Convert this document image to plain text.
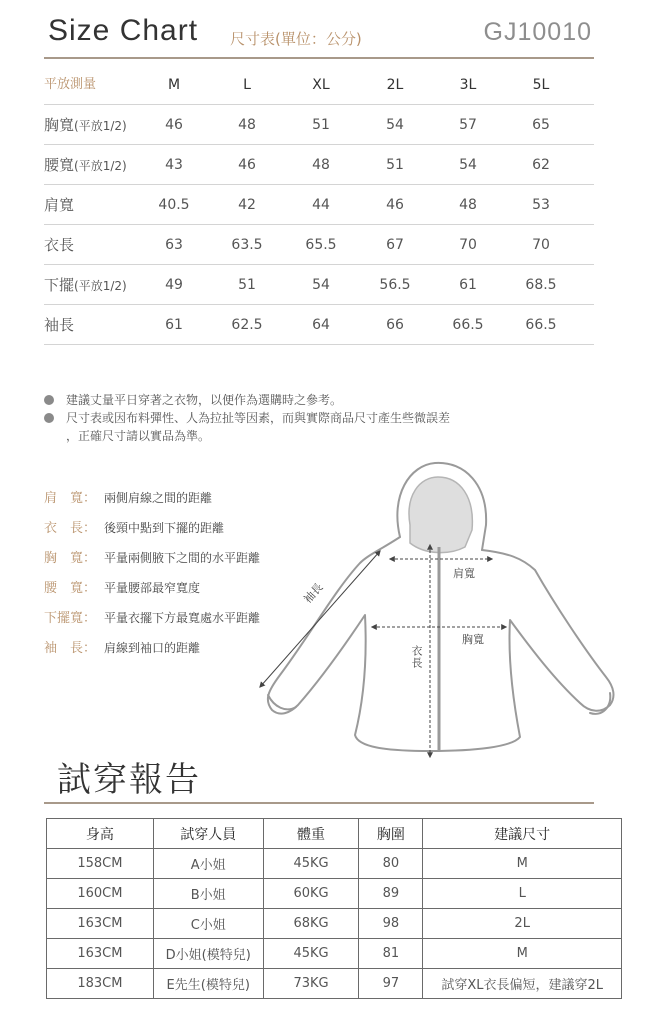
Size Chart 尺寸表(單位：公分)	GJ10010
平放測量	M	L	XL	2L	3L	5L
胸寬(平放1/2)	46	48	51	54	57	65
腰寬(平放1/2)	43	46	48	51	54	62
肩寬	40.5	42	44	46	48	53
衣長	63	63.5	65.5	67	70	70
下擺(平放1/2)	49	51	54	56.5	61	68.5
袖長	61	62.5	64	66	66.5	66.5
建議丈量平日穿著之衣物，以便作為選購時之參考。
尺寸表或因布料彈性、人為拉扯等因素，而與實際商品尺寸產生些微誤差
，正確尺寸請以實品為準。
肩　寬： 兩側肩線之間的距離
衣　長： 後頸中點到下擺的距離
胸　寬： 平量兩側腋下之間的水平距離
腰　寬： 平量腰部最窄寬度
下擺寬： 平量衣擺下方最寬處水平距離
袖　長： 肩線到袖口的距離
肩寬
胸寬
衣長
袖長
試穿報告
身高	試穿人員	體重	胸圍	建議尺寸
158CM	A小姐	45KG	80	M
160CM	B小姐	60KG	89	L
163CM	C小姐	68KG	98	2L
163CM	D小姐(模特兒)	45KG	81	M
183CM	E先生(模特兒)	73KG	97	試穿XL衣長偏短，建議穿2L
